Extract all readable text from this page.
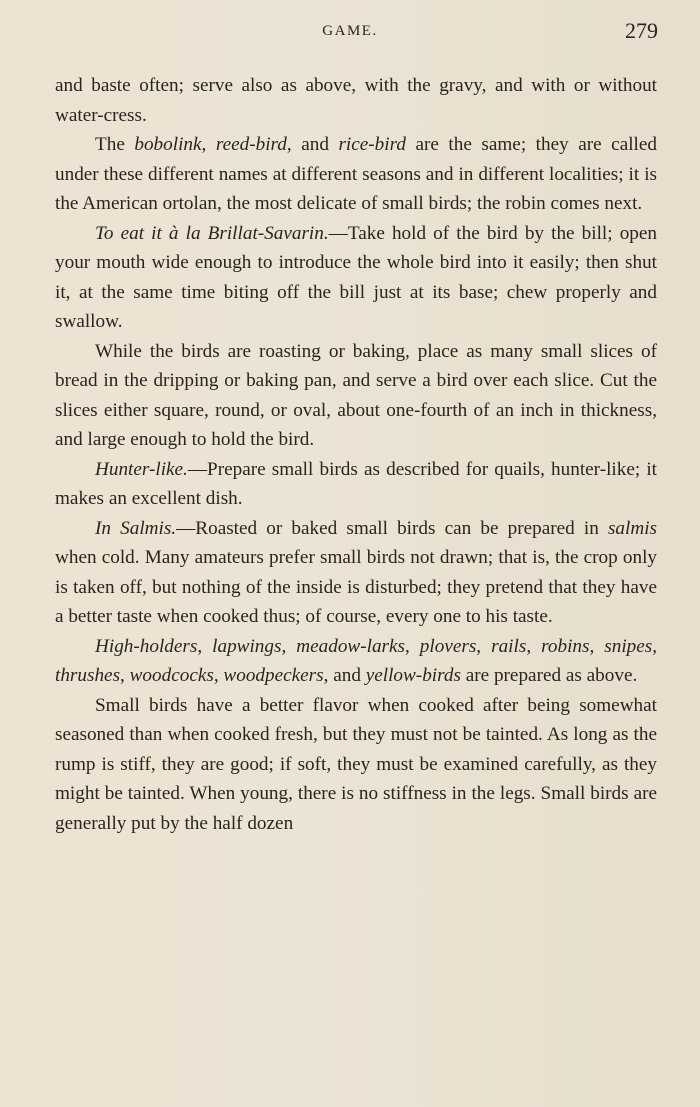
GAME.	279

and baste often; serve also as above, with the gravy, and with or without water-cress.

The bobolink, reed-bird, and rice-bird are the same; they are called under these different names at different seasons and in different localities; it is the American ortolan, the most delicate of small birds; the robin comes next.

To eat it à la Brillat-Savarin.—Take hold of the bird by the bill; open your mouth wide enough to introduce the whole bird into it easily; then shut it, at the same time biting off the bill just at its base; chew properly and swallow.

While the birds are roasting or baking, place as many small slices of bread in the dripping or baking pan, and serve a bird over each slice. Cut the slices either square, round, or oval, about one-fourth of an inch in thickness, and large enough to hold the bird.

Hunter-like.—Prepare small birds as described for quails, hunter-like; it makes an excellent dish.

In Salmis.—Roasted or baked small birds can be prepared in salmis when cold. Many amateurs prefer small birds not drawn; that is, the crop only is taken off, but nothing of the inside is disturbed; they pretend that they have a better taste when cooked thus; of course, every one to his taste.

High-holders, lapwings, meadow-larks, plovers, rails, robins, snipes, thrushes, woodcocks, woodpeckers, and yellow-birds are prepared as above.

Small birds have a better flavor when cooked after being somewhat seasoned than when cooked fresh, but they must not be tainted. As long as the rump is stiff, they are good; if soft, they must be examined carefully, as they might be tainted. When young, there is no stiffness in the legs. Small birds are generally put by the half dozen
